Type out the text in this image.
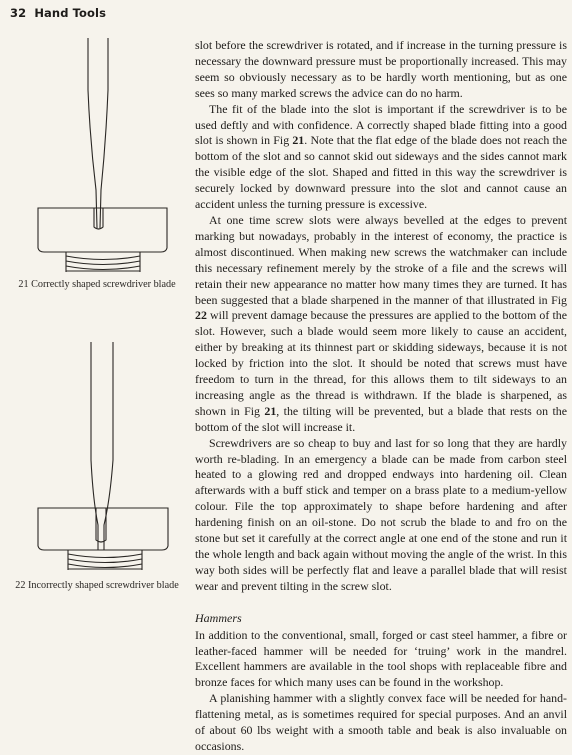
32 Hand Tools
21 Correctly shaped screwdriver blade
22 Incorrectly shaped screwdriver blade

slot before the screwdriver is rotated, and if increase in the turning pressure is necessary the downward pressure must be proportionally increased. This may seem so obviously necessary as to be hardly worth mentioning, but as one sees so many marked screws the advice can do no harm.

The fit of the blade into the slot is important if the screwdriver is to be used deftly and with confidence. A correctly shaped blade fitting into a good slot is shown in Fig 21. Note that the flat edge of the blade does not reach the bottom of the slot and so cannot skid out sideways and the sides cannot mark the visible edge of the slot. Shaped and fitted in this way the screwdriver is securely locked by downward pressure into the slot and cannot cause an accident unless the turning pressure is excessive.

At one time screw slots were always bevelled at the edges to prevent marking but nowadays, probably in the interest of economy, the practice is almost discontinued. When making new screws the watchmaker can include this necessary refinement merely by the stroke of a file and the screws will retain their new appearance no matter how many times they are turned. It has been suggested that a blade sharpened in the manner of that illustrated in Fig 22 will prevent damage because the pressures are applied to the bottom of the slot. However, such a blade would seem more likely to cause an accident, either by breaking at its thinnest part or skidding sideways, because it is not locked by friction into the slot. It should be noted that screws must have freedom to turn in the thread, for this allows them to tilt sideways to an increasing angle as the thread is withdrawn. If the blade is sharpened, as shown in Fig 21, the tilting will be prevented, but a blade that rests on the bottom of the slot will increase it.

Screwdrivers are so cheap to buy and last for so long that they are hardly worth re-blading. In an emergency a blade can be made from carbon steel heated to a glowing red and dropped endways into hardening oil. Clean afterwards with a buff stick and temper on a brass plate to a medium-yellow colour. File the top approximately to shape before hardening and after hardening finish on an oil-stone. Do not scrub the blade to and fro on the stone but set it carefully at the correct angle at one end of the stone and run it the whole length and back again without moving the angle of the wrist. In this way both sides will be perfectly flat and leave a parallel blade that will resist wear and prevent tilting in the screw slot.

Hammers

In addition to the conventional, small, forged or cast steel hammer, a fibre or leather-faced hammer will be needed for ‘truing’ work in the mandrel. Excellent hammers are available in the tool shops with replaceable fibre and bronze faces for which many uses can be found in the workshop.

A planishing hammer with a slightly convex face will be needed for hand-flattening metal, as is sometimes required for special purposes. And an anvil of about 60 lbs weight with a smooth table and beak is also invaluable on occasions.
